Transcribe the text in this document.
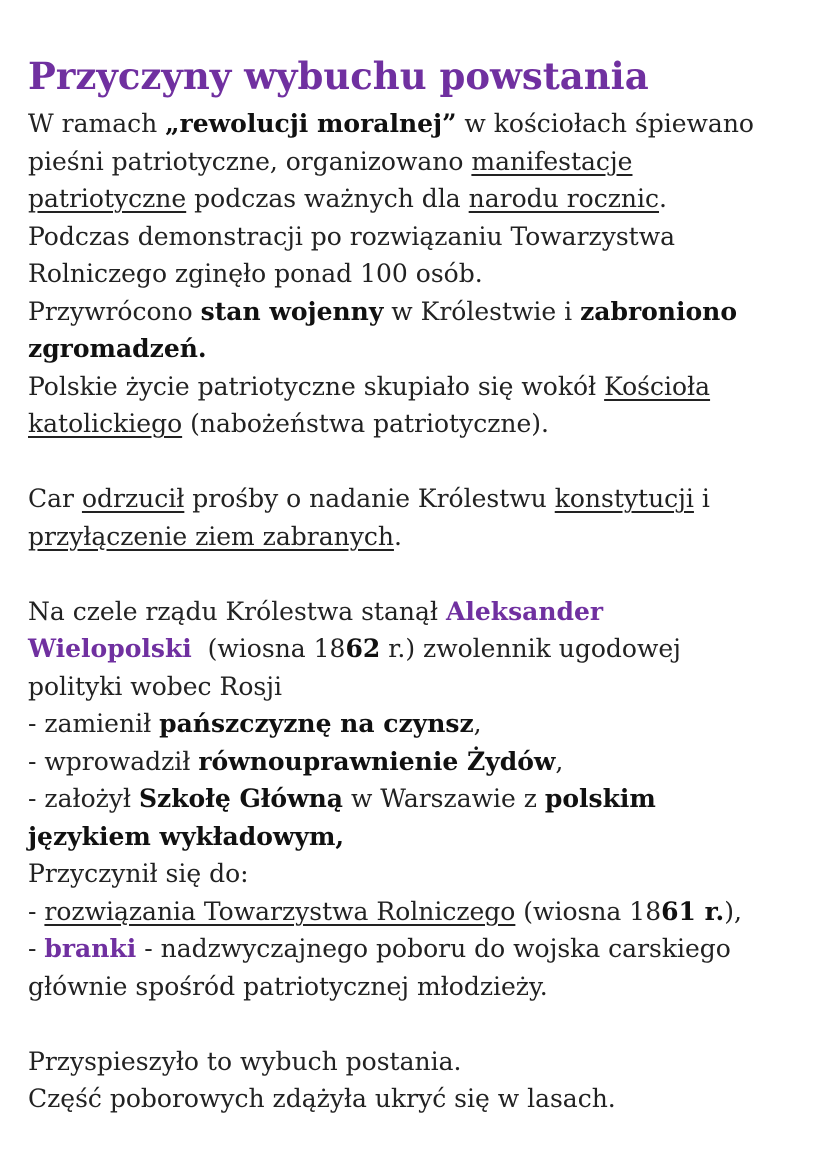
Przyczyny wybuchu powstania
W ramach „rewolucji moralnej” w kościołach śpiewano
pieśni patriotyczne, organizowano manifestacje
patriotyczne podczas ważnych dla narodu rocznic.
Podczas demonstracji po rozwiązaniu Towarzystwa
Rolniczego zginęło ponad 100 osób.
Przywrócono stan wojenny w Królestwie i zabroniono
zgromadzeń.
Polskie życie patriotyczne skupiało się wokół Kościoła
katolickiego (nabożeństwa patriotyczne).
Car odrzucił prośby o nadanie Królestwu konstytucji i
przyłączenie ziem zabranych.
Na czele rządu Królestwa stanął Aleksander
Wielopolski  (wiosna 1862 r.) zwolennik ugodowej
polityki wobec Rosji
- zamienił pańszczyznę na czynsz,
- wprowadził równouprawnienie Żydów,
- założył Szkołę Główną w Warszawie z polskim
językiem wykładowym,
Przyczynił się do:
- rozwiązania Towarzystwa Rolniczego (wiosna 1861 r.),
- branki - nadzwyczajnego poboru do wojska carskiego
głównie spośród patriotycznej młodzieży.
Przyspieszyło to wybuch postania.
Część poborowych zdążyła ukryć się w lasach.
